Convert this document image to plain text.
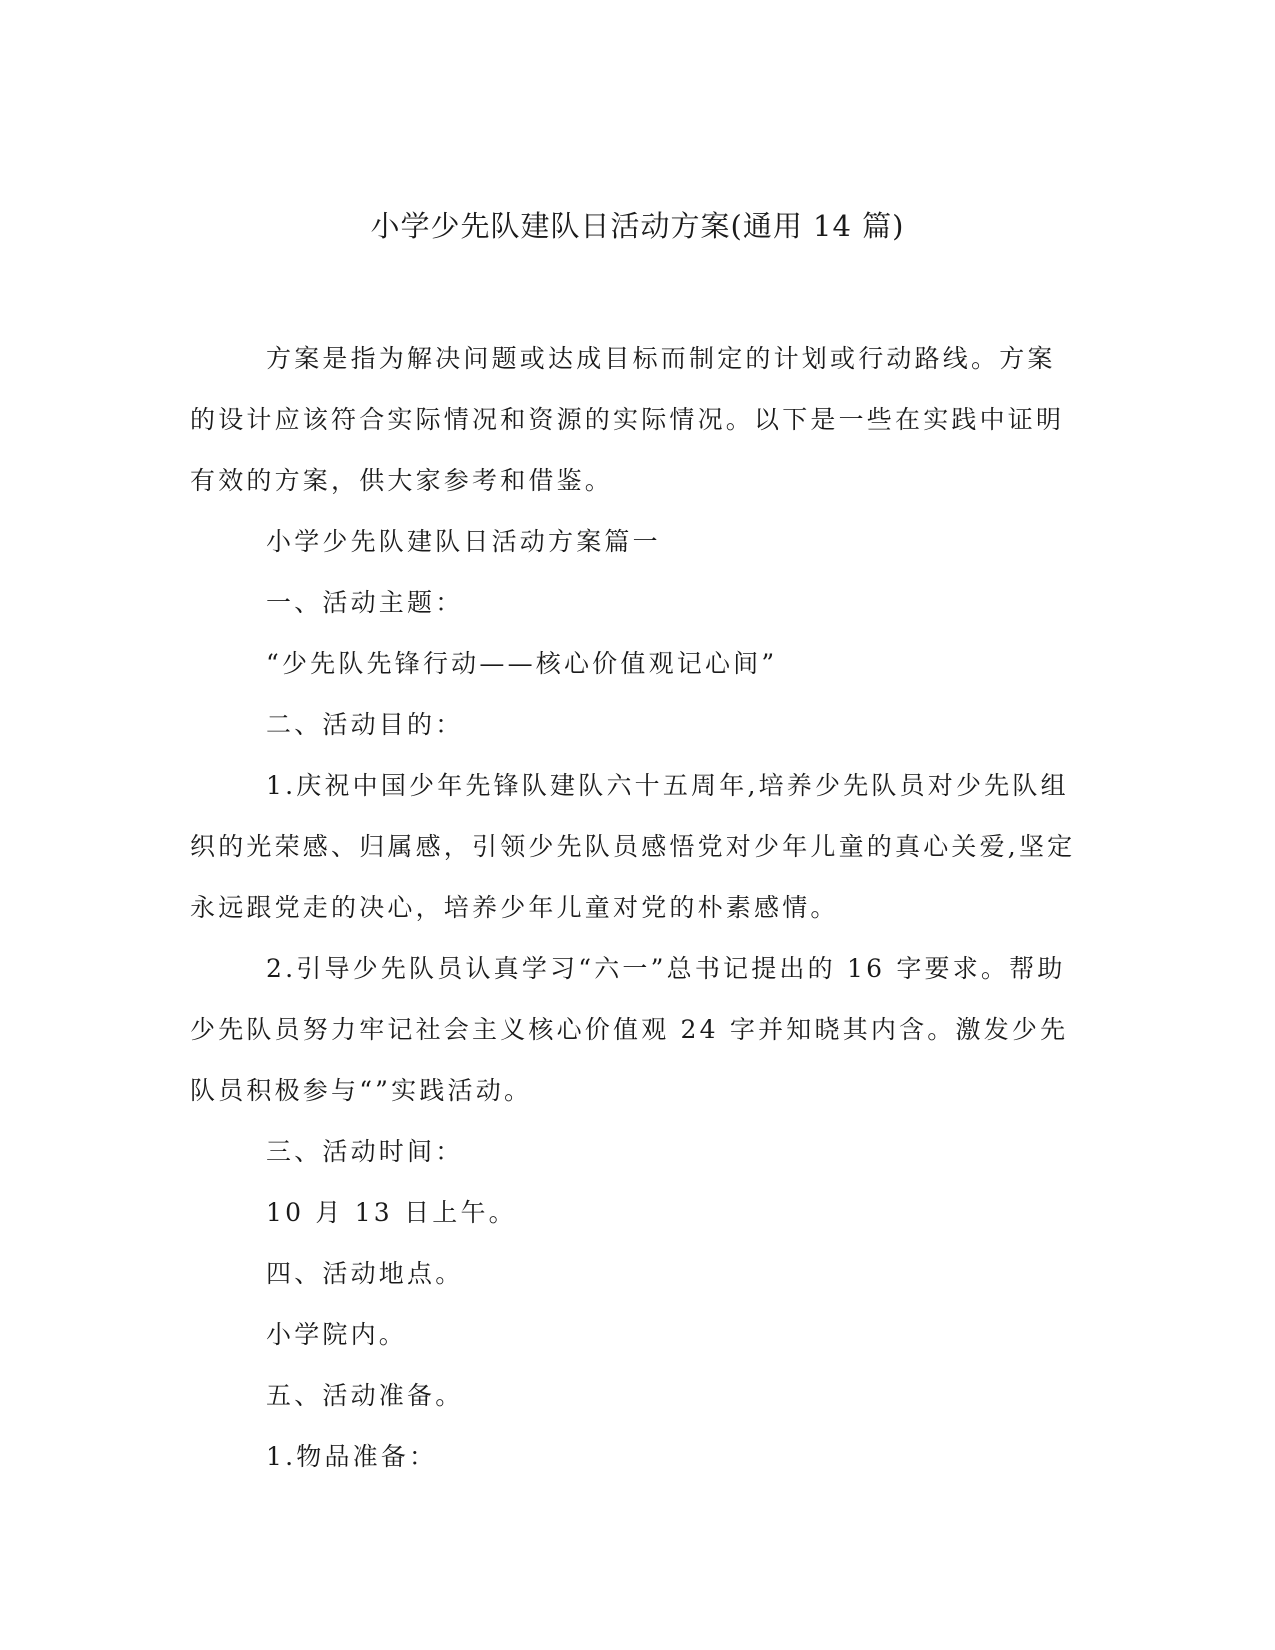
小学少先队建队日活动方案(通用 14 篇)

方案是指为解决问题或达成目标而制定的计划或行动路线。方案的设计应该符合实际情况和资源的实际情况。以下是一些在实践中证明有效的方案，供大家参考和借鉴。

小学少先队建队日活动方案篇一

一、活动主题：

“少先队先锋行动——核心价值观记心间”

二、活动目的：

1.庆祝中国少年先锋队建队六十五周年,培养少先队员对少先队组织的光荣感、归属感，引领少先队员感悟党对少年儿童的真心关爱,坚定永远跟党走的决心，培养少年儿童对党的朴素感情。

2.引导少先队员认真学习“六一”总书记提出的 16 字要求。帮助少先队员努力牢记社会主义核心价值观 24 字并知晓其内含。激发少先队员积极参与“”实践活动。

三、活动时间：

10 月 13 日上午。

四、活动地点。

小学院内。

五、活动准备。

1.物品准备：
